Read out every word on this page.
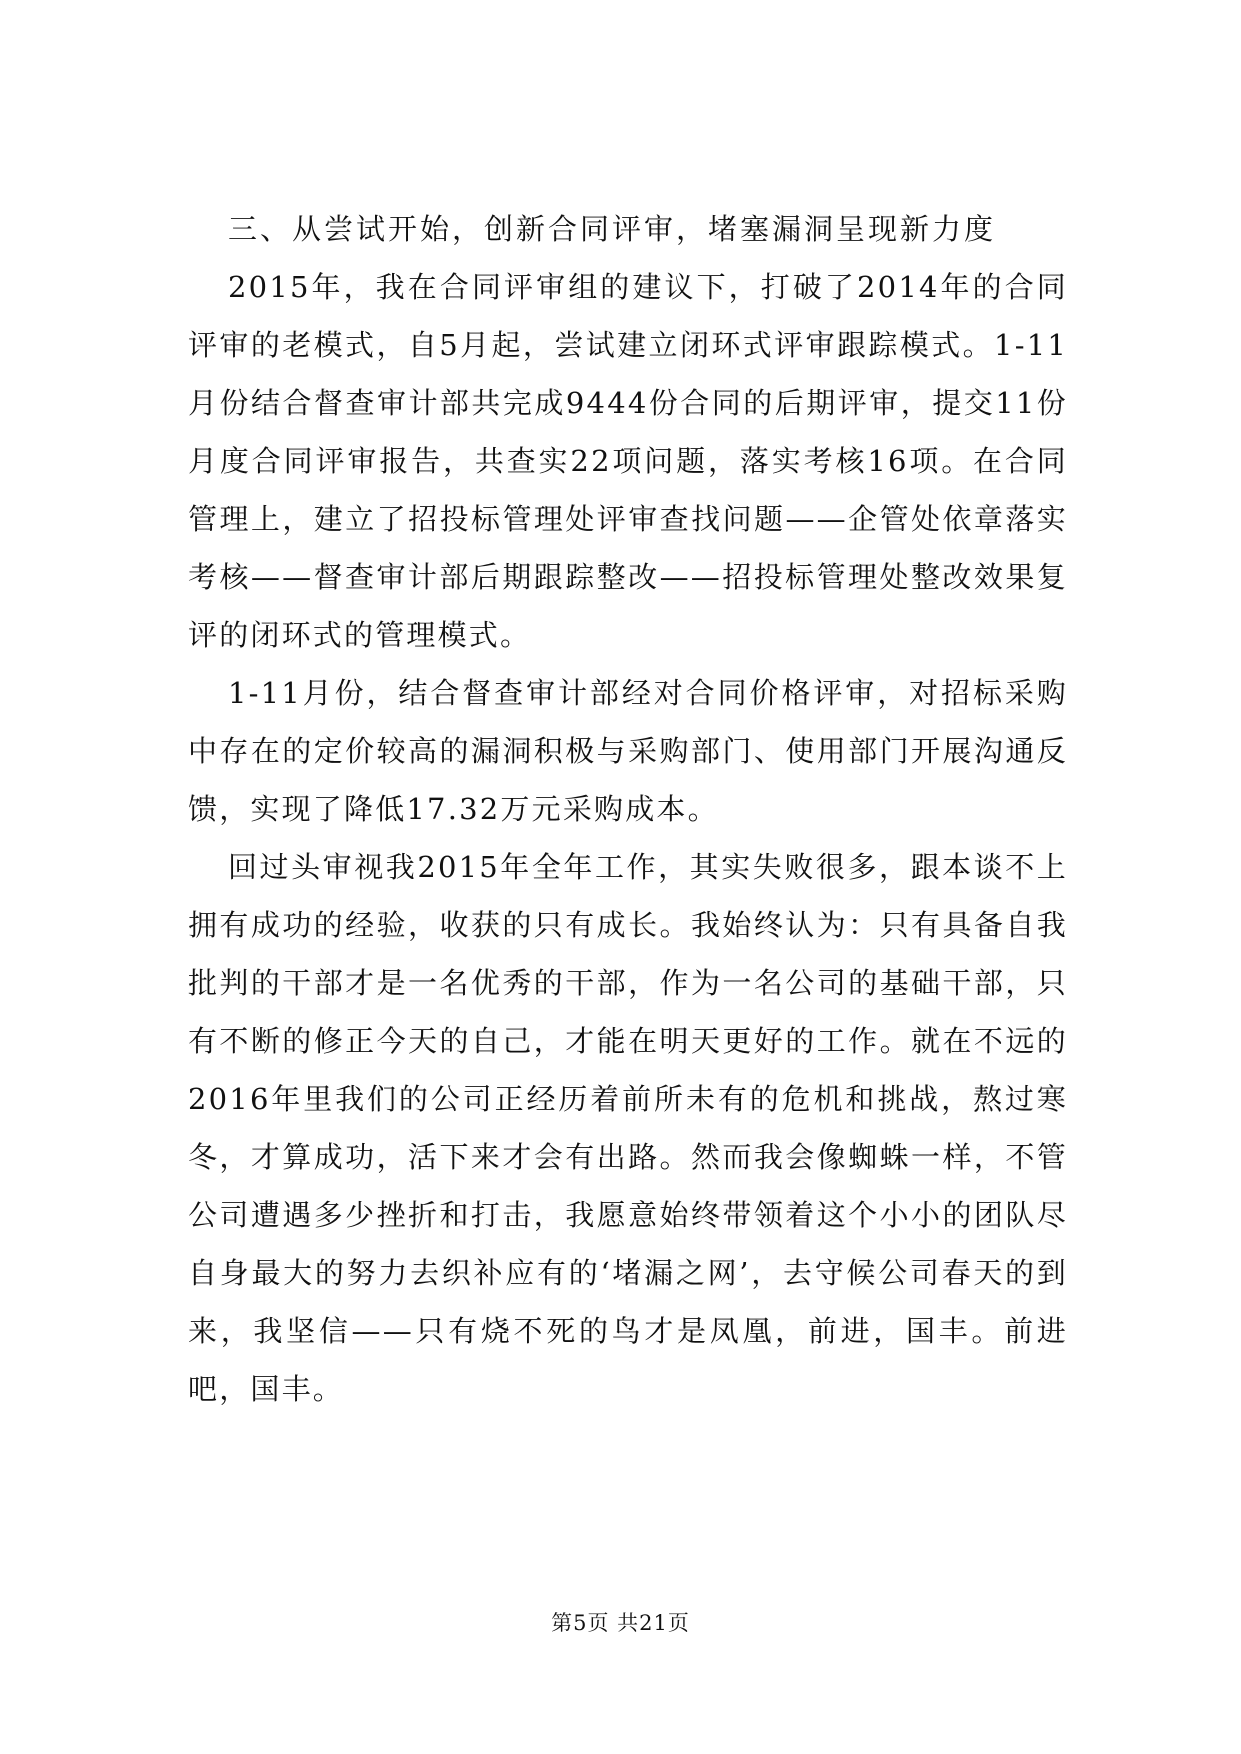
三、从尝试开始，创新合同评审，堵塞漏洞呈现新力度

2015年，我在合同评审组的建议下，打破了2014年的合同评审的老模式，自5月起，尝试建立闭环式评审跟踪模式。1-11月份结合督查审计部共完成9444份合同的后期评审，提交11份月度合同评审报告，共查实22项问题，落实考核16项。在合同管理上，建立了招投标管理处评审查找问题——企管处依章落实考核——督查审计部后期跟踪整改——招投标管理处整改效果复评的闭环式的管理模式。

1-11月份，结合督查审计部经对合同价格评审，对招标采购中存在的定价较高的漏洞积极与采购部门、使用部门开展沟通反馈，实现了降低17.32万元采购成本。

回过头审视我2015年全年工作，其实失败很多，跟本谈不上拥有成功的经验，收获的只有成长。我始终认为：只有具备自我批判的干部才是一名优秀的干部，作为一名公司的基础干部，只有不断的修正今天的自己，才能在明天更好的工作。就在不远的2016年里我们的公司正经历着前所未有的危机和挑战，熬过寒冬，才算成功，活下来才会有出路。然而我会像蜘蛛一样，不管公司遭遇多少挫折和打击，我愿意始终带领着这个小小的团队尽自身最大的努力去织补应有的‘堵漏之网’，去守候公司春天的到来，我坚信——只有烧不死的鸟才是凤凰，前进，国丰。前进吧，国丰。

第5页 共21页
